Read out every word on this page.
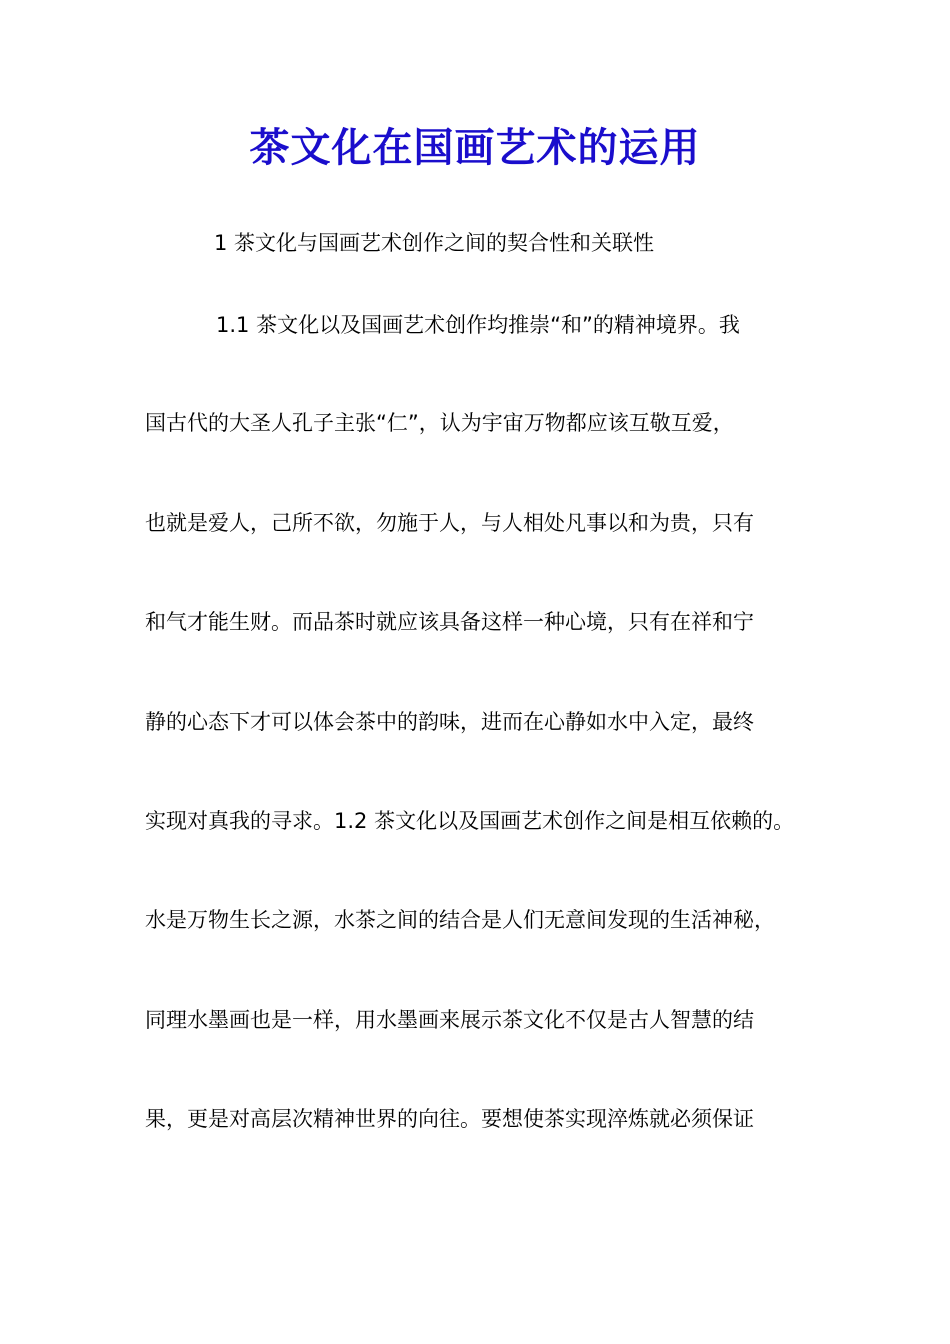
茶文化在国画艺术的运用
1 茶文化与国画艺术创作之间的契合性和关联性
1.1 茶文化以及国画艺术创作均推崇“和”的精神境界。我
国古代的大圣人孔子主张“仁”，认为宇宙万物都应该互敬互爱，
也就是爱人，己所不欲，勿施于人，与人相处凡事以和为贵，只有
和气才能生财。而品茶时就应该具备这样一种心境，只有在祥和宁
静的心态下才可以体会茶中的韵味，进而在心静如水中入定，最终
实现对真我的寻求。1.2 茶文化以及国画艺术创作之间是相互依赖的。
水是万物生长之源，水茶之间的结合是人们无意间发现的生活神秘，
同理水墨画也是一样，用水墨画来展示茶文化不仅是古人智慧的结
果，更是对高层次精神世界的向往。要想使茶实现淬炼就必须保证
